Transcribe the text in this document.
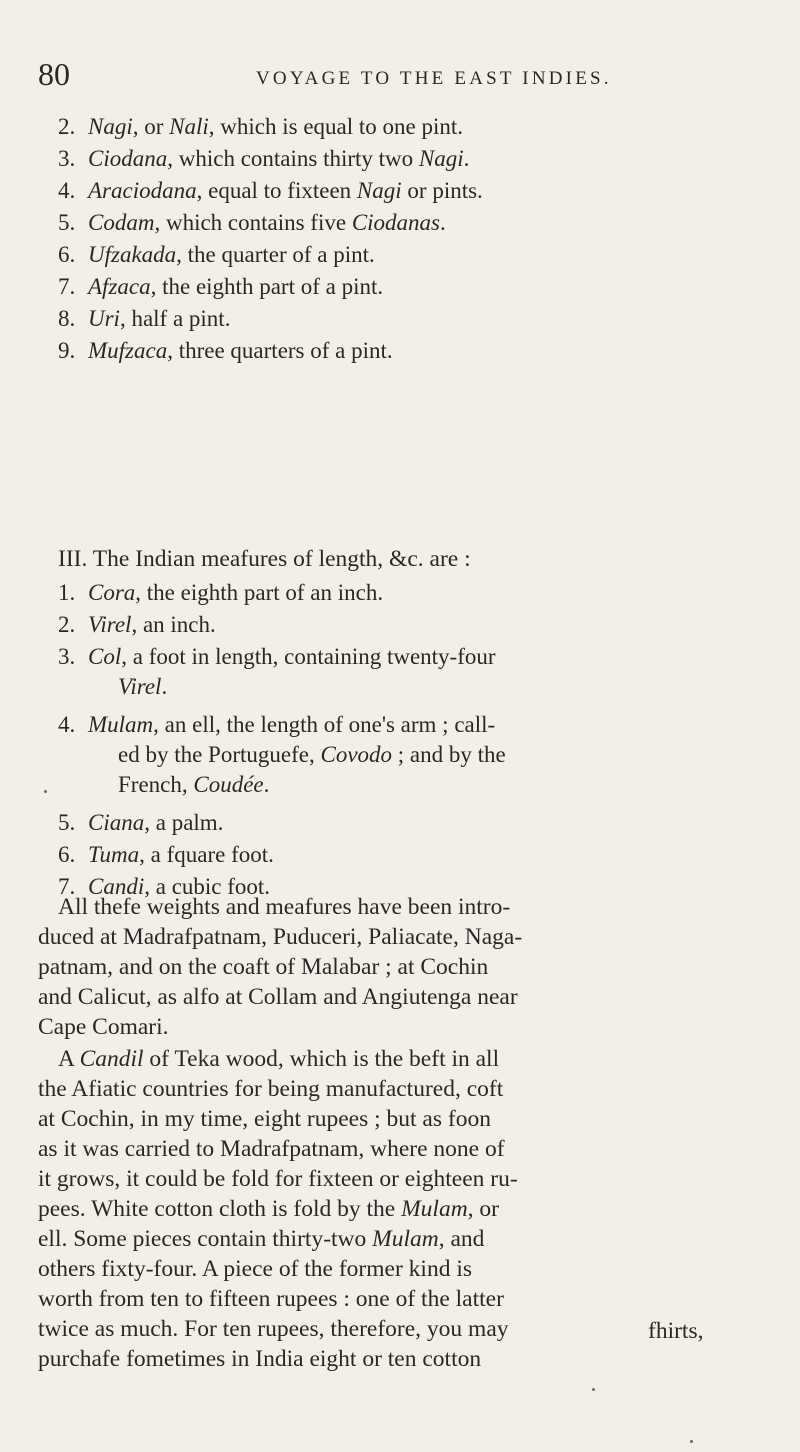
80	VOYAGE TO THE EAST INDIES.
2. Nagi, or Nali, which is equal to one pint.
3. Ciodana, which contains thirty two Nagi.
4. Araciodana, equal to fixteen Nagi or pints.
5. Codam, which contains five Ciodanas.
6. Ufzakada, the quarter of a pint.
7. Afzaca, the eighth part of a pint.
8. Uri, half a pint.
9. Mufzaca, three quarters of a pint.
III. The Indian meafures of length, &c. are :
1. Cora, the eighth part of an inch.
2. Virel, an inch.
3. Col, a foot in length, containing twenty-four
Virel.
4. Mulam, an ell, the length of one's arm ; call-
ed by the Portuguefe, Covodo ; and by the
French, Coudée.
5. Ciana, a palm.
6. Tuma, a fquare foot.
7. Candi, a cubic foot.
All thefe weights and meafures have been intro-
duced at Madrafpatnam, Puduceri, Paliacate, Naga-
patnam, and on the coaft of Malabar ; at Cochin
and Calicut, as alfo at Collam and Angiutenga near
Cape Comari.
A Candil of Teka wood, which is the beft in all
the Afiatic countries for being manufactured, coft
at Cochin, in my time, eight rupees ; but as foon
as it was carried to Madrafpatnam, where none of
it grows, it could be fold for fixteen or eighteen ru-
pees. White cotton cloth is fold by the Mulam, or
ell. Some pieces contain thirty-two Mulam, and
others fixty-four. A piece of the former kind is
worth from ten to fifteen rupees : one of the latter
twice as much. For ten rupees, therefore, you may
purchafe fometimes in India eight or ten cotton
fhirts,
